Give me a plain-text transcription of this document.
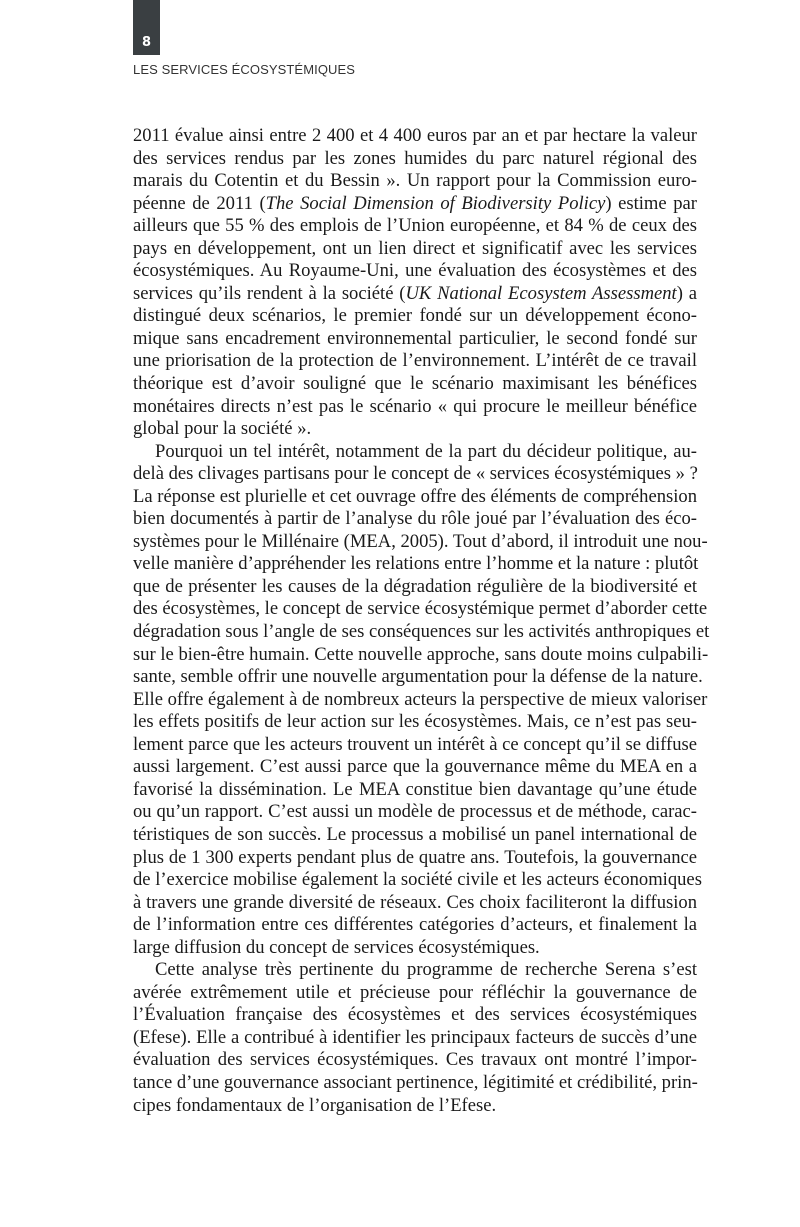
8
LES SERVICES ÉCOSYSTÉMIQUES
2011 évalue ainsi entre 2 400 et 4 400 euros par an et par hectare la valeur
des services rendus par les zones humides du parc naturel régional des
marais du Cotentin et du Bessin ». Un rapport pour la Commission euro-
péenne de 2011 (The Social Dimension of Biodiversity Policy) estime par
ailleurs que 55 % des emplois de l’Union européenne, et 84 % de ceux des
pays en développement, ont un lien direct et significatif avec les services
écosystémiques. Au Royaume-Uni, une évaluation des écosystèmes et des
services qu’ils rendent à la société (UK National Ecosystem Assessment) a
distingué deux scénarios, le premier fondé sur un développement écono-
mique sans encadrement environnemental particulier, le second fondé sur
une priorisation de la protection de l’environnement. L’intérêt de ce travail
théorique est d’avoir souligné que le scénario maximisant les bénéfices
monétaires directs n’est pas le scénario « qui procure le meilleur bénéfice
global pour la société ».
Pourquoi un tel intérêt, notamment de la part du décideur politique, au-
delà des clivages partisans pour le concept de « services écosystémiques » ?
La réponse est plurielle et cet ouvrage offre des éléments de compréhension
bien documentés à partir de l’analyse du rôle joué par l’évaluation des éco-
systèmes pour le Millénaire (MEA, 2005). Tout d’abord, il introduit une nou-
velle manière d’appréhender les relations entre l’homme et la nature : plutôt
que de présenter les causes de la dégradation régulière de la biodiversité et
des écosystèmes, le concept de service écosystémique permet d’aborder cette
dégradation sous l’angle de ses conséquences sur les activités anthropiques et
sur le bien-être humain. Cette nouvelle approche, sans doute moins culpabili-
sante, semble offrir une nouvelle argumentation pour la défense de la nature.
Elle offre également à de nombreux acteurs la perspective de mieux valoriser
les effets positifs de leur action sur les écosystèmes. Mais, ce n’est pas seu-
lement parce que les acteurs trouvent un intérêt à ce concept qu’il se diffuse
aussi largement. C’est aussi parce que la gouvernance même du MEA en a
favorisé la dissémination. Le MEA constitue bien davantage qu’une étude
ou qu’un rapport. C’est aussi un modèle de processus et de méthode, carac-
téristiques de son succès. Le processus a mobilisé un panel international de
plus de 1 300 experts pendant plus de quatre ans. Toutefois, la gouvernance
de l’exercice mobilise également la société civile et les acteurs économiques
à travers une grande diversité de réseaux. Ces choix faciliteront la diffusion
de l’information entre ces différentes catégories d’acteurs, et finalement la
large diffusion du concept de services écosystémiques.
Cette analyse très pertinente du programme de recherche Serena s’est
avérée extrêmement utile et précieuse pour réfléchir la gouvernance de
l’Évaluation française des écosystèmes et des services écosystémiques
(Efese). Elle a contribué à identifier les principaux facteurs de succès d’une
évaluation des services écosystémiques. Ces travaux ont montré l’impor-
tance d’une gouvernance associant pertinence, légitimité et crédibilité, prin-
cipes fondamentaux de l’organisation de l’Efese.
